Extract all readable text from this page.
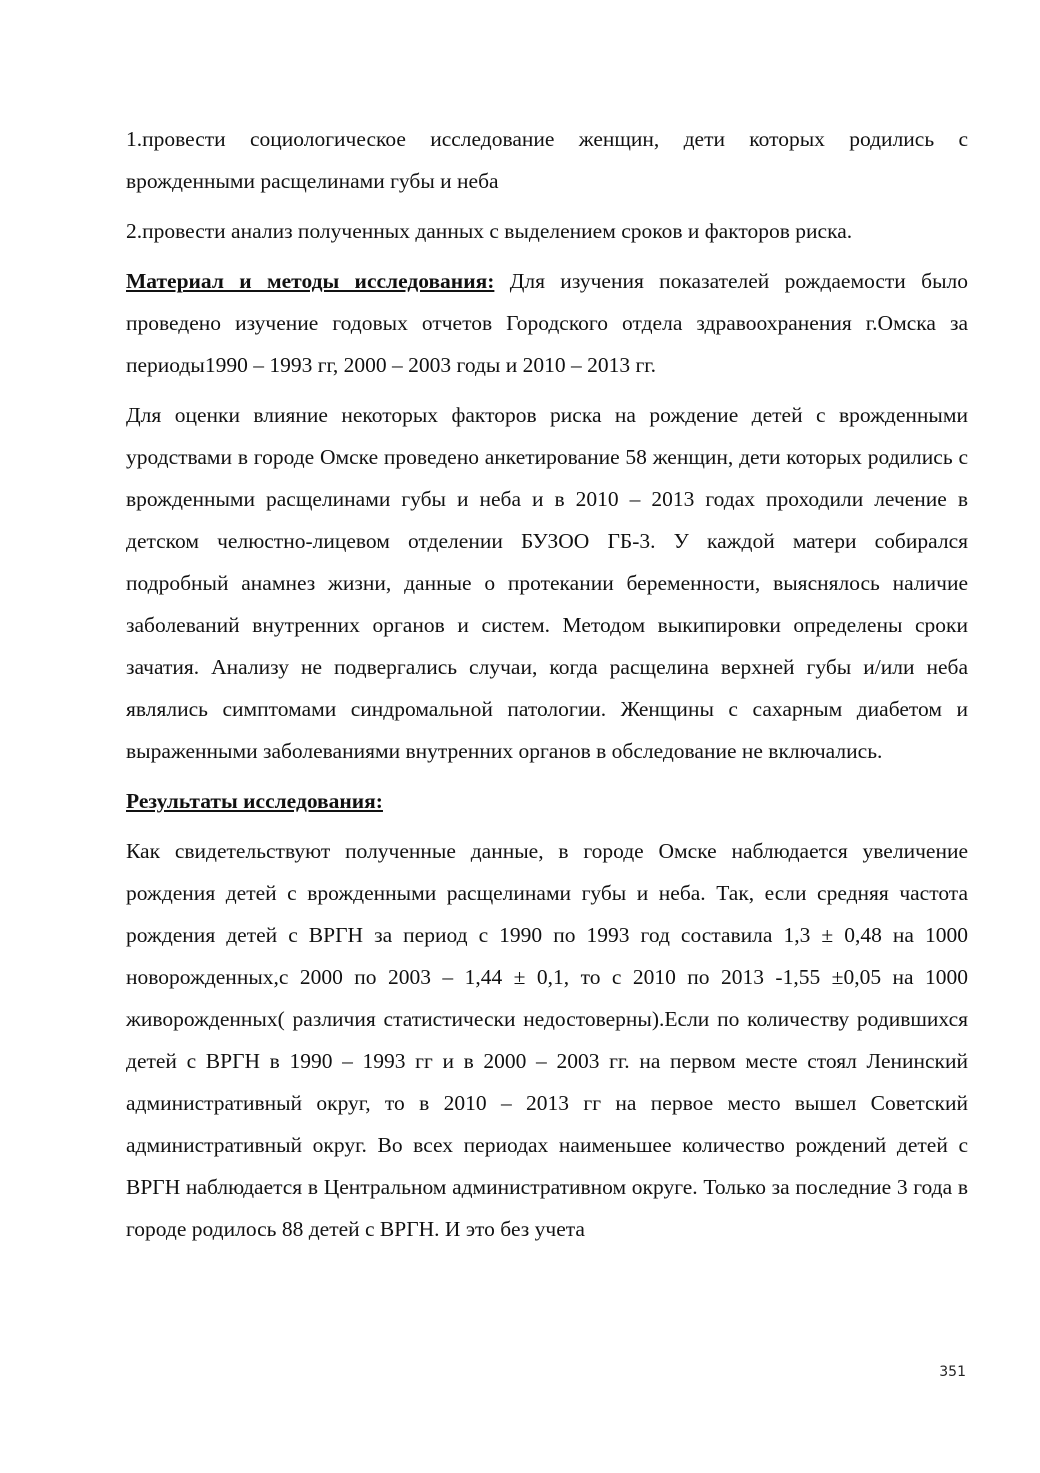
1.провести социологическое исследование женщин, дети которых родились с врожденными расщелинами губы и неба

2.провести анализ полученных данных с выделением сроков и факторов риска.

Материал и методы исследования: Для изучения показателей рождаемости было проведено изучение годовых отчетов Городского отдела здравоохранения г.Омска за периоды1990 – 1993 гг, 2000 – 2003 годы и 2010 – 2013 гг.

Для оценки влияние некоторых факторов риска на рождение детей с врожденными уродствами в городе Омске проведено анкетирование 58 женщин, дети которых родились с врожденными расщелинами губы и неба и в 2010 – 2013 годах проходили лечение в детском челюстно-лицевом отделении БУЗОО ГБ-3. У каждой матери собирался подробный анамнез жизни, данные о протекании беременности, выяснялось наличие заболеваний внутренних органов и систем. Методом выкипировки определены сроки зачатия. Анализу не подвергались случаи, когда расщелина верхней губы и/или неба являлись симптомами синдромальной патологии. Женщины с сахарным диабетом и выраженными заболеваниями внутренних органов в обследование не включались.

Результаты исследования:

Как свидетельствуют полученные данные, в городе Омске наблюдается увеличение рождения детей с врожденными расщелинами губы и неба. Так, если средняя частота рождения детей с ВРГН за период с 1990 по 1993 год составила 1,3 ± 0,48 на 1000 новорожденных,с 2000 по 2003 – 1,44 ± 0,1, то с 2010 по 2013 -1,55 ±0,05 на 1000 живорожденных( различия статистически недостоверны).Если по количеству родившихся детей с ВРГН в 1990 – 1993 гг и в 2000 – 2003 гг. на первом месте стоял Ленинский административный округ, то в 2010 – 2013 гг на первое место вышел Советский административный округ. Во всех периодах наименьшее количество рождений детей с ВРГН наблюдается в Центральном административном округе. Только за последние 3 года в городе родилось 88 детей с ВРГН. И это без учета

351
